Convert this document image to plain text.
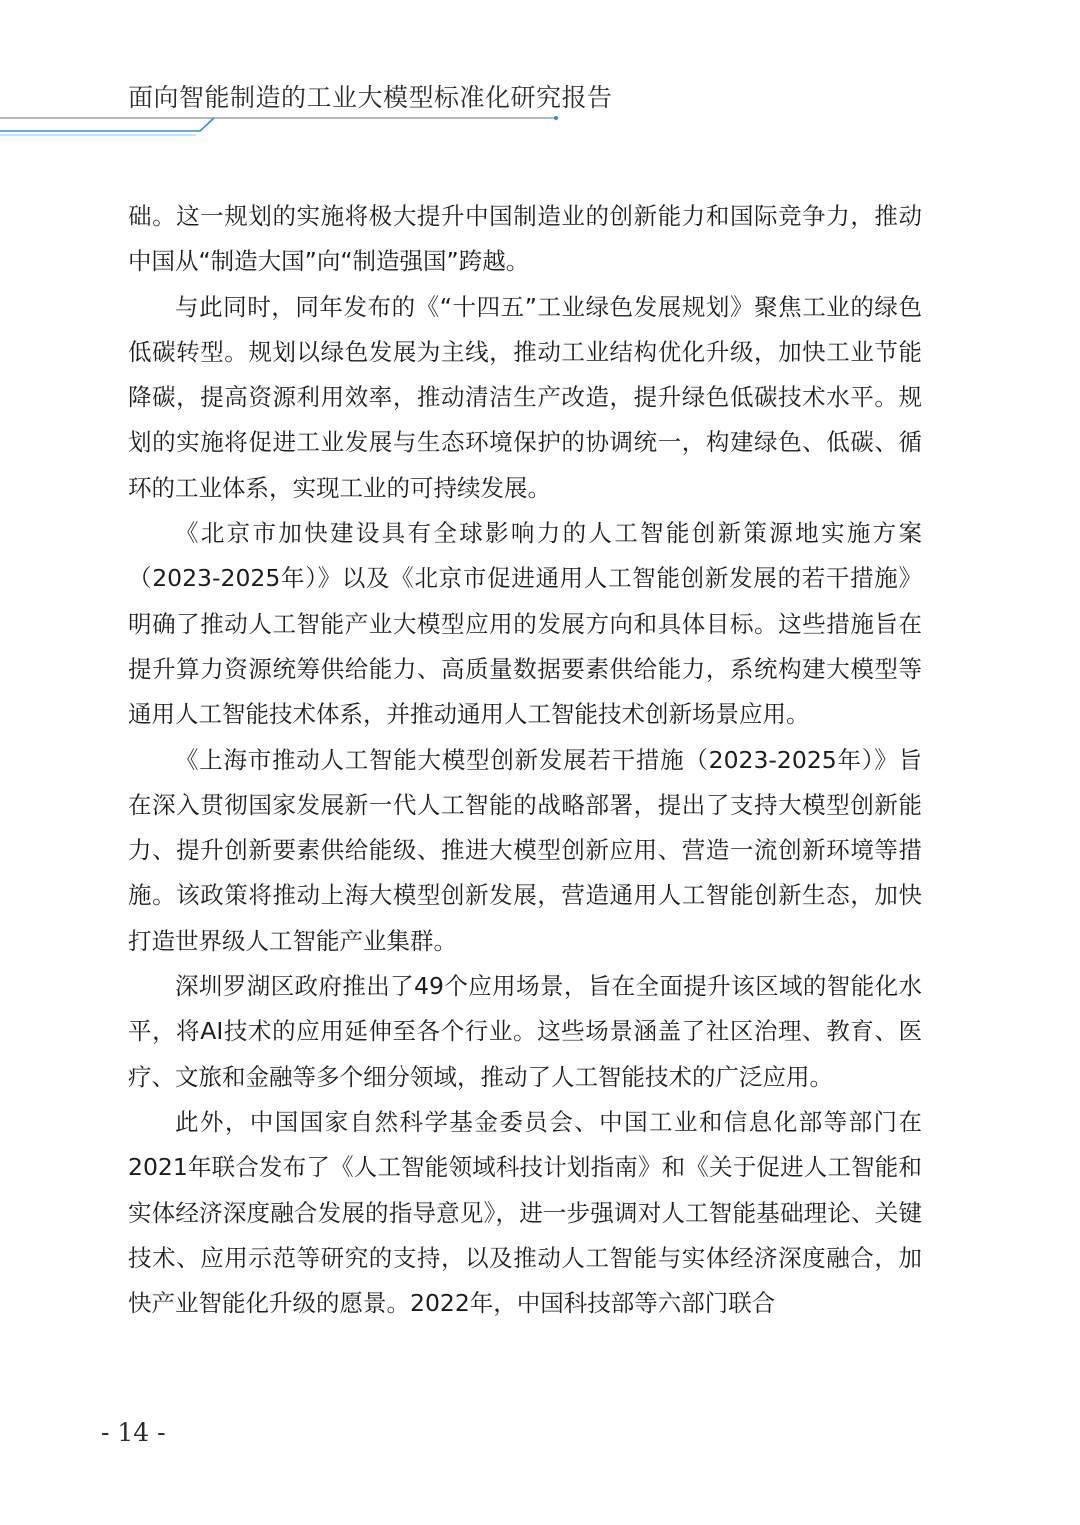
面向智能制造的工业大模型标准化研究报告

础。这一规划的实施将极大提升中国制造业的创新能力和国际竞争力，推动中国从“制造大国”向“制造强国”跨越。

与此同时，同年发布的《“十四五”工业绿色发展规划》聚焦工业的绿色低碳转型。规划以绿色发展为主线，推动工业结构优化升级，加快工业节能降碳，提高资源利用效率，推动清洁生产改造，提升绿色低碳技术水平。规划的实施将促进工业发展与生态环境保护的协调统一，构建绿色、低碳、循环的工业体系，实现工业的可持续发展。

《北京市加快建设具有全球影响力的人工智能创新策源地实施方案（2023-2025年）》以及《北京市促进通用人工智能创新发展的若干措施》明确了推动人工智能产业大模型应用的发展方向和具体目标。这些措施旨在提升算力资源统筹供给能力、高质量数据要素供给能力，系统构建大模型等通用人工智能技术体系，并推动通用人工智能技术创新场景应用。

《上海市推动人工智能大模型创新发展若干措施（2023-2025年）》旨在深入贯彻国家发展新一代人工智能的战略部署，提出了支持大模型创新能力、提升创新要素供给能级、推进大模型创新应用、营造一流创新环境等措施。该政策将推动上海大模型创新发展，营造通用人工智能创新生态，加快打造世界级人工智能产业集群。

深圳罗湖区政府推出了49个应用场景，旨在全面提升该区域的智能化水平，将AI技术的应用延伸至各个行业。这些场景涵盖了社区治理、教育、医疗、文旅和金融等多个细分领域，推动了人工智能技术的广泛应用。

此外，中国国家自然科学基金委员会、中国工业和信息化部等部门在2021年联合发布了《人工智能领域科技计划指南》和《关于促进人工智能和实体经济深度融合发展的指导意见》，进一步强调对人工智能基础理论、关键技术、应用示范等研究的支持，以及推动人工智能与实体经济深度融合，加快产业智能化升级的愿景。2022年，中国科技部等六部门联合

- 14 -
